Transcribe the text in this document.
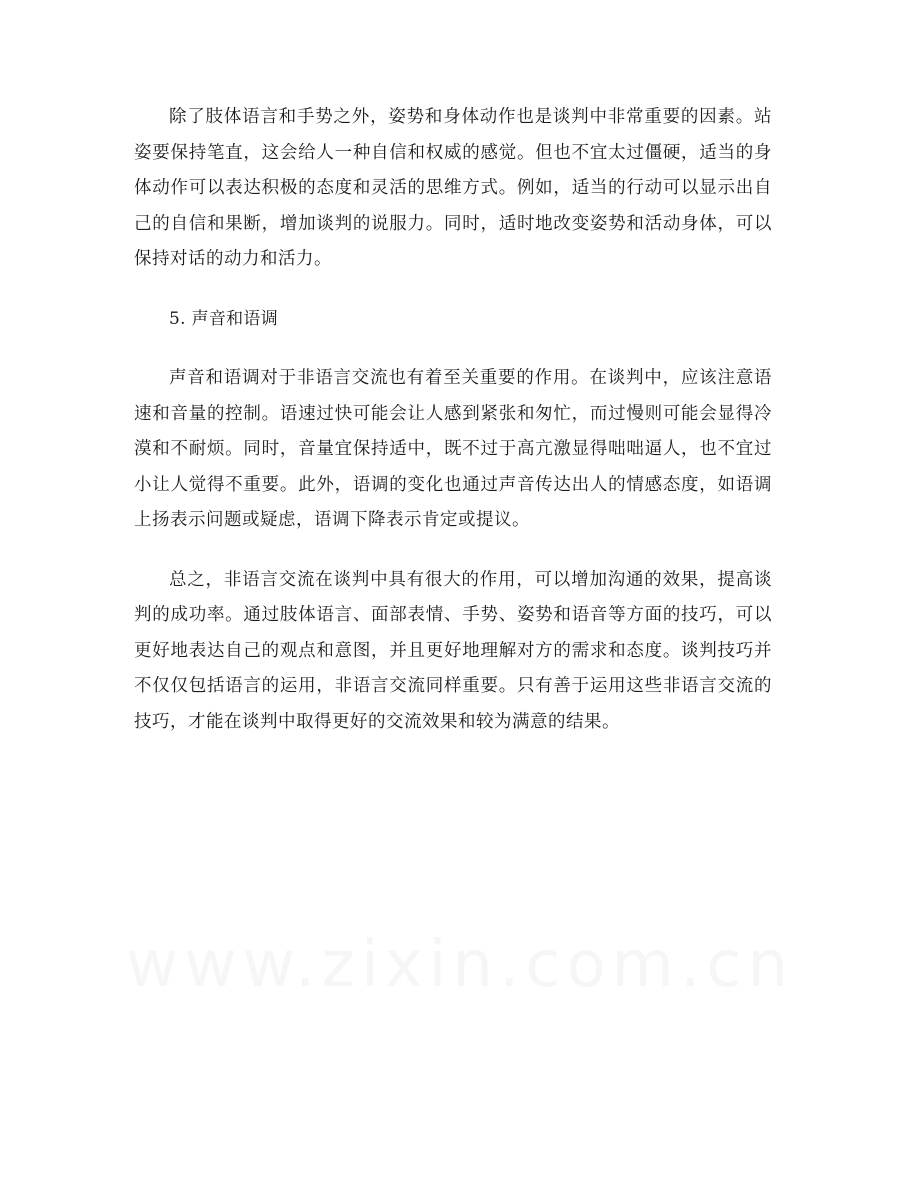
除了肢体语言和手势之外，姿势和身体动作也是谈判中非常重要的因素。站姿要保持笔直，这会给人一种自信和权威的感觉。但也不宜太过僵硬，适当的身体动作可以表达积极的态度和灵活的思维方式。例如，适当的行动可以显示出自己的自信和果断，增加谈判的说服力。同时，适时地改变姿势和活动身体，可以保持对话的动力和活力。

5. 声音和语调

声音和语调对于非语言交流也有着至关重要的作用。在谈判中，应该注意语速和音量的控制。语速过快可能会让人感到紧张和匆忙，而过慢则可能会显得冷漠和不耐烦。同时，音量宜保持适中，既不过于高亢激显得咄咄逼人，也不宜过小让人觉得不重要。此外，语调的变化也通过声音传达出人的情感态度，如语调上扬表示问题或疑虑，语调下降表示肯定或提议。

总之，非语言交流在谈判中具有很大的作用，可以增加沟通的效果，提高谈判的成功率。通过肢体语言、面部表情、手势、姿势和语音等方面的技巧，可以更好地表达自己的观点和意图，并且更好地理解对方的需求和态度。谈判技巧并不仅仅包括语言的运用，非语言交流同样重要。只有善于运用这些非语言交流的技巧，才能在谈判中取得更好的交流效果和较为满意的结果。

www.zixin.com.cn
